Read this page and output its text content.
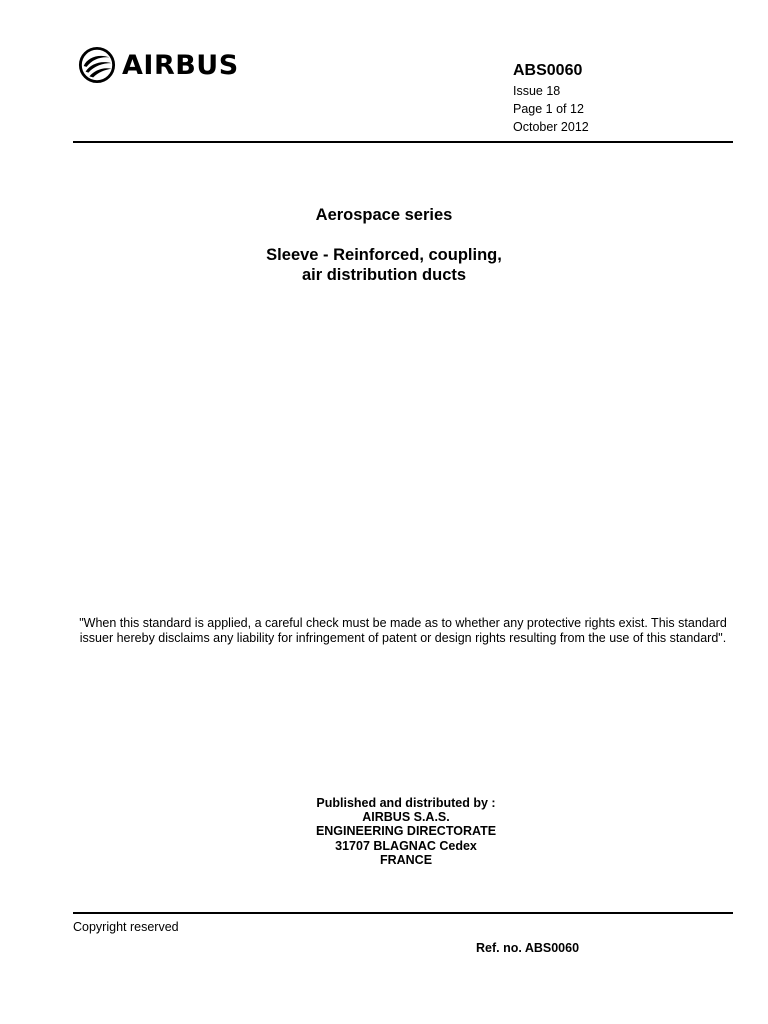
AIRBUS	ABS0060
Issue 18
Page 1 of 12
October 2012
Aerospace series
Sleeve - Reinforced, coupling,
air distribution ducts
"When this standard is applied, a careful check must be made as to whether any protective rights exist. This standard issuer hereby disclaims any liability for infringement of patent or design rights resulting from the use of this standard".
Published and distributed by :
AIRBUS S.A.S.
ENGINEERING DIRECTORATE
31707 BLAGNAC Cedex
FRANCE
Copyright reserved
Ref. no. ABS0060
